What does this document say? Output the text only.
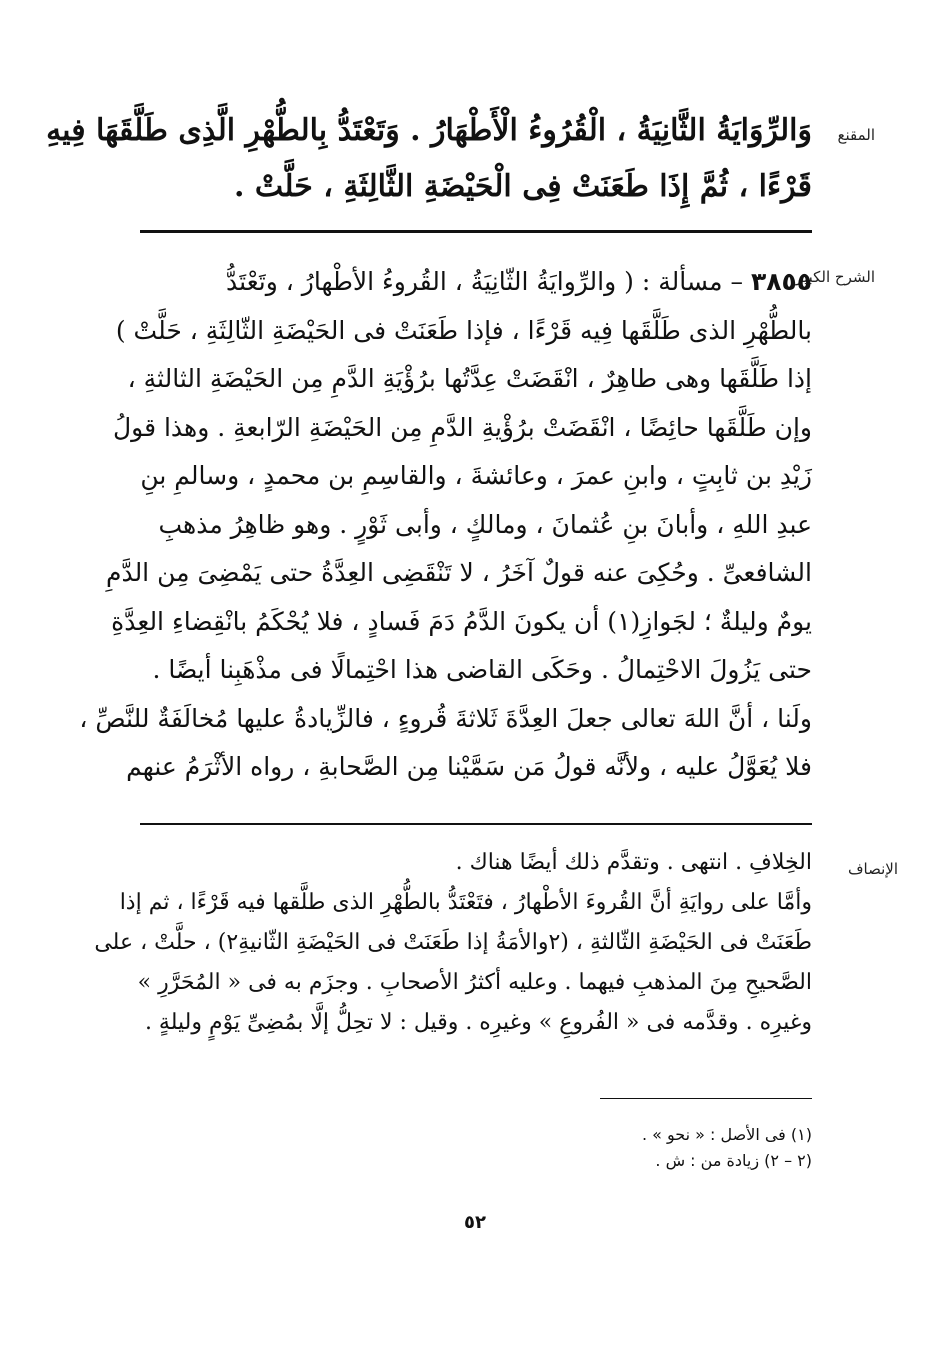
المقنع
وَالرِّوَايَةُ الثَّانِيَةُ ، الْقُرُوءُ الْأَطْهَارُ . وَتَعْتَدُّ بِالطُّهْرِ الَّذِى طَلَّقَهَا فِيهِ
قَرْءًا ، ثُمَّ إِذَا طَعَنَتْ فِى الْحَيْضَةِ الثَّالِثَةِ ، حَلَّتْ .
الشرح الكبير
٣٨٥٥ – مسألة : ( والرِّوايَةُ الثّانِيَةُ ، القُروءُ الأطْهارُ ، وتَعْتَدُّ
بالطُّهْرِ الذى طَلَّقَها فِيه قَرْءًا ، فإذا طَعَنَتْ فى الحَيْضَةِ الثّالِثَةِ ، حَلَّتْ )
إذا طَلَّقَها وهى طاهِرٌ ، انْقَضَتْ عِدَّتُها برُؤْيَةِ الدَّمِ مِن الحَيْضَةِ الثالثةِ ،
وإن طَلَّقَها حائِضًا ، انْقَضَتْ برُؤْيةِ الدَّمِ مِن الحَيْضَةِ الرّابعةِ . وهذا قولُ
زَيْدِ بن ثابِتٍ ، وابنِ عمرَ ، وعائشةَ ، والقاسِمِ بن محمدٍ ، وسالمِ بنِ
عبدِ اللهِ ، وأبانَ بنِ عُثمانَ ، ومالكٍ ، وأبى ثَوْرٍ . وهو ظاهِرُ مذهبِ
الشافعىِّ . وحُكِىَ عنه قولٌ آخَرُ ، لا تَنْقَضِى العِدَّةُ حتى يَمْضِىَ مِن الدَّمِ
يومٌ وليلةٌ ؛ لجَوازِ(١) أن يكونَ الدَّمُ دَمَ فَسادٍ ، فلا يُحْكَمُ بانْقِضاءِ العِدَّةِ
حتى يَزُولَ الاحْتِمالُ . وحَكَى القاضى هذا احْتِمالًا فى مذْهَبِنا أيضًا .
ولَنا ، أنَّ اللهَ تعالى جعلَ العِدَّةَ ثَلاثةَ قُروءٍ ، فالزِّيادةُ عليها مُخالَفَةٌ للنَّصِّ ،
فلا يُعَوَّلُ عليه ، ولأنَّه قولُ مَن سَمَّيْنا مِن الصَّحابةِ ، رواه الأثْرَمُ عنهم
الإنصاف
الخِلافِ . انتهى . وتقدَّم ذلك أيضًا هناك .
وأمَّا على روايَةِ أنَّ القُروءَ الأطْهارُ ، فتَعْتَدُّ بالطُّهْرِ الذى طلَّقها فيه قَرْءًا ، ثم إذا
طَعَنَتْ فى الحَيْضَةِ الثّالثةِ ، (٢والأمَةُ إذا طَعَنَتْ فى الحَيْضَةِ الثّانيةِ٢) ، حلَّتْ ، على
الصَّحيحِ مِنَ المذهبِ فيهما . وعليه أكثرُ الأصحابِ . وجزَم به فى « المُحَرَّرِ »
وغيرِه . وقدَّمه فى « الفُروعِ » وغيرِه . وقيل : لا تحِلُّ إلَّا بمُضِىِّ يَوْمٍ وليلةٍ .
(١) فى الأصل : « نحو » .
(٢ – ٢) زيادة من : ش .
٥٢
